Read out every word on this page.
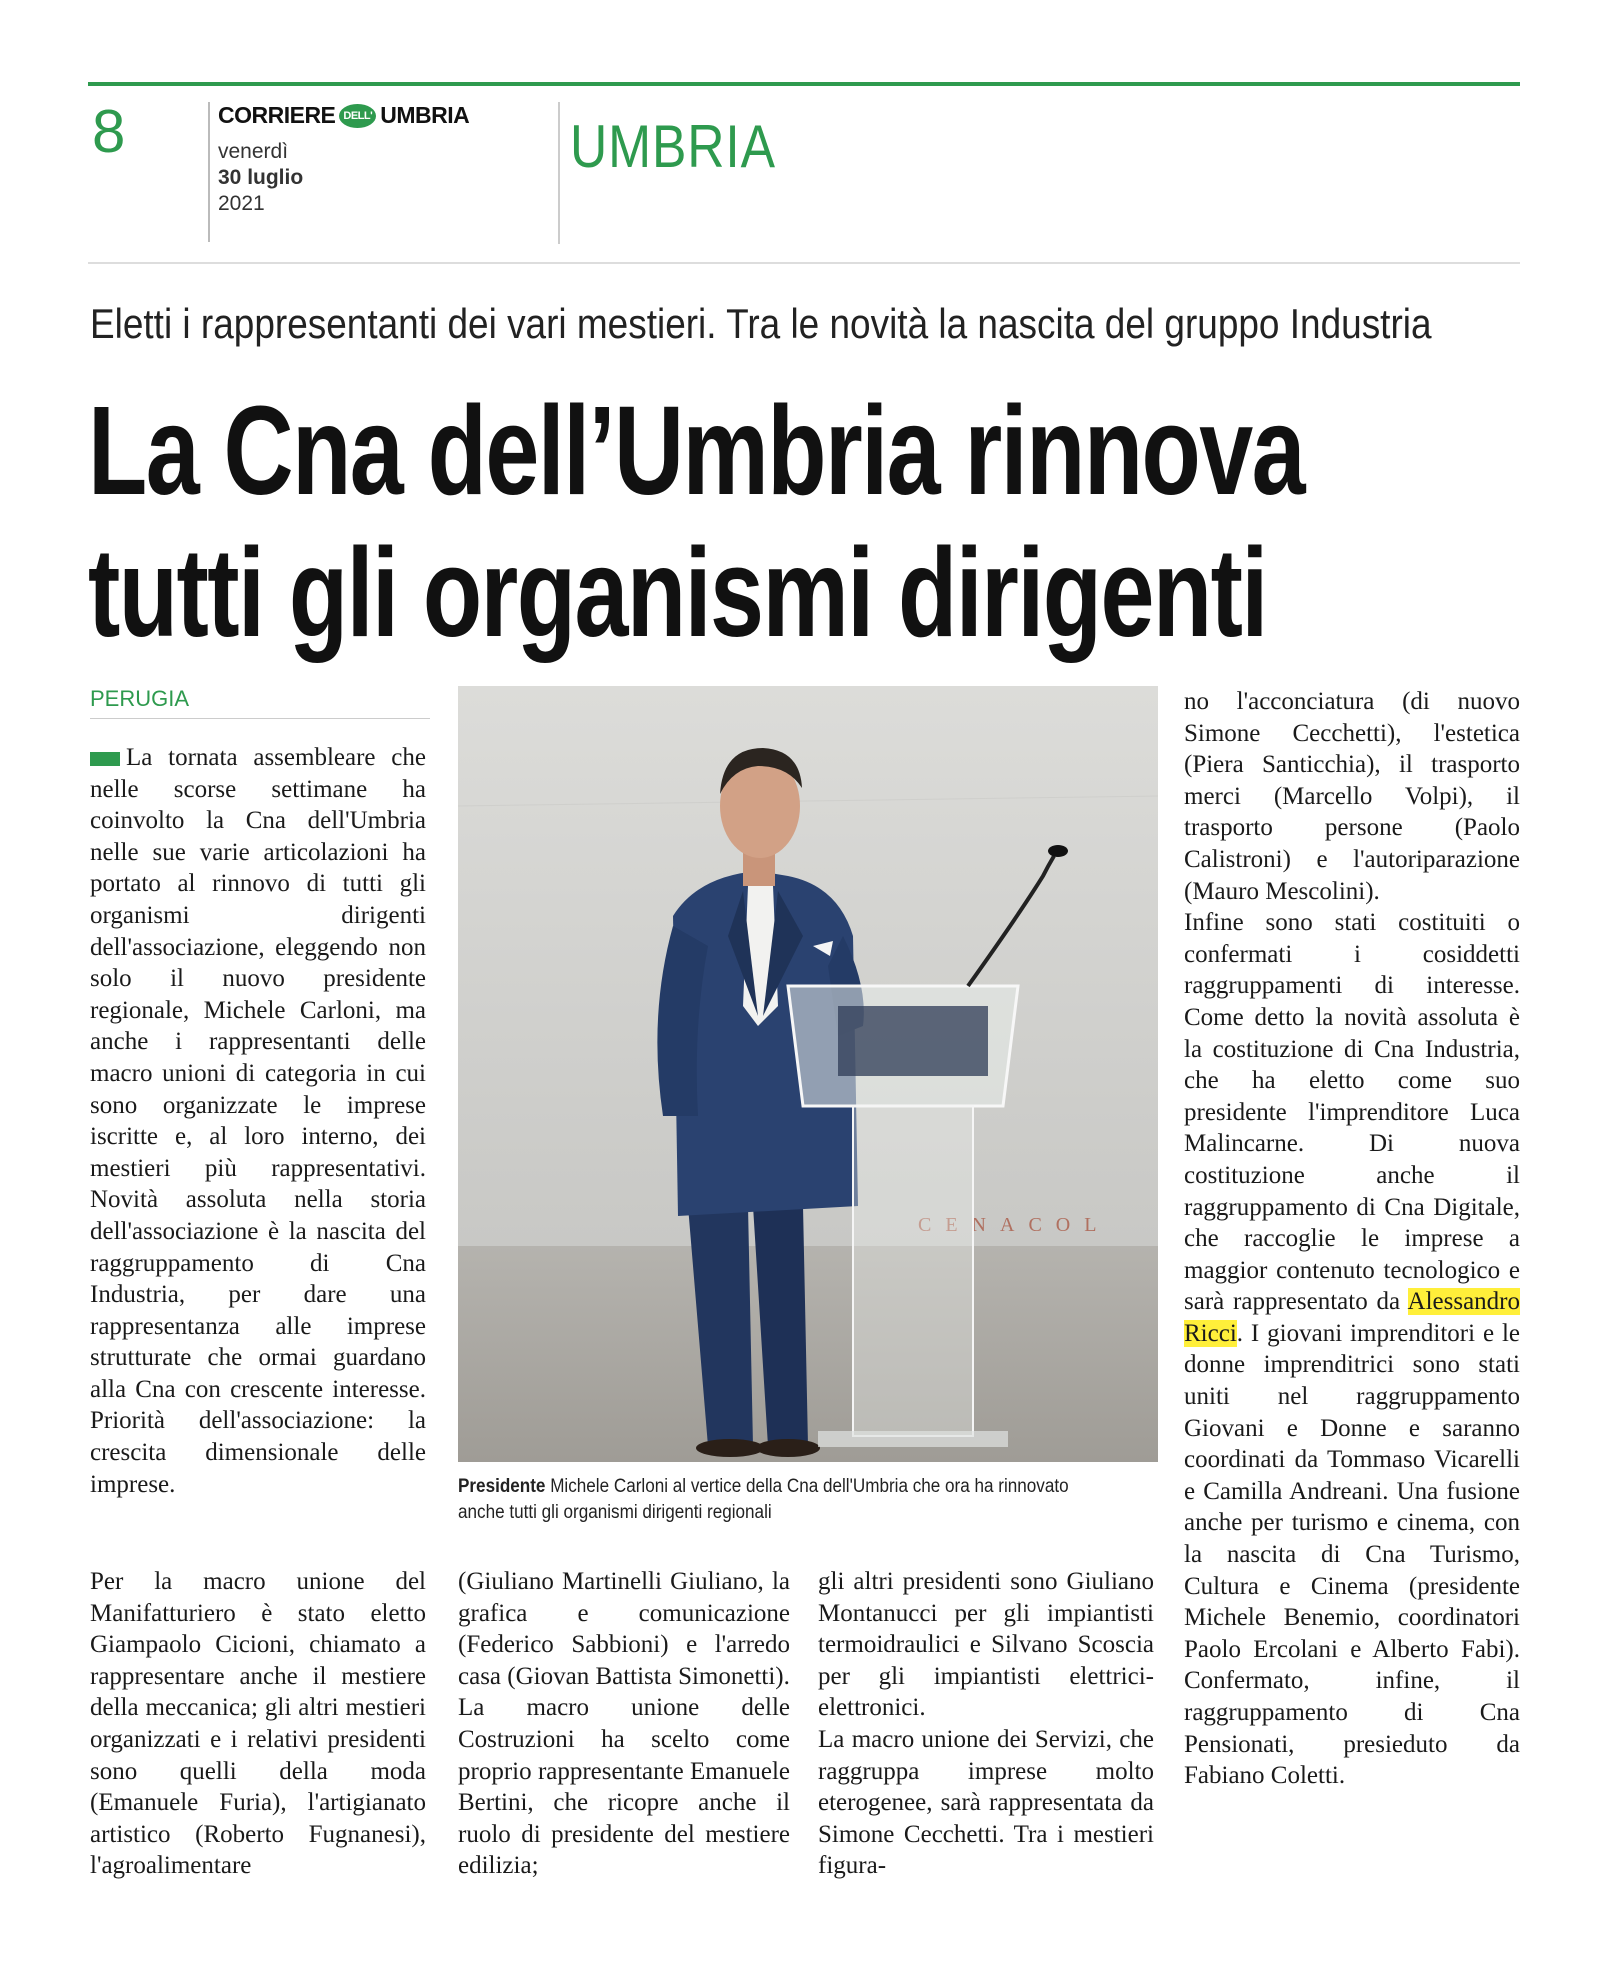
8	CORRIERE DELL' UMBRIA
venerdì
30 luglio
2021
UMBRIA
Eletti i rappresentanti dei vari mestieri. Tra le novità la nascita del gruppo Industria
La Cna dell’Umbria rinnova
tutti gli organismi dirigenti
PERUGIA

La tornata assembleare che nelle scorse settimane ha coinvolto la Cna dell'Umbria nelle sue varie articolazioni ha portato al rinnovo di tutti gli organismi dirigenti dell'associazione, eleggendo non solo il nuovo presidente regionale, Michele Carloni, ma anche i rappresentanti delle macro unioni di categoria in cui sono organizzate le imprese iscritte e, al loro interno, dei mestieri più rappresentativi. Novità assoluta nella storia dell'associazione è la nascita del raggruppamento di Cna Industria, per dare una rappresentanza alle imprese strutturate che ormai guardano alla Cna con crescente interesse. Priorità dell'associazione: la crescita dimensionale delle imprese.

Per la macro unione del Manifatturiero è stato eletto Giampaolo Cicioni, chiamato a rappresentare anche il mestiere della meccanica; gli altri mestieri organizzati e i relativi presidenti sono quelli della moda (Emanuele Furia), l'artigianato artistico (Roberto Fugnanesi), l'agroalimentare

CENACOL
Presidente Michele Carloni al vertice della Cna dell'Umbria che ora ha rinnovato anche tutti gli organismi dirigenti regionali

(Giuliano Martinelli Giuliano, la grafica e comunicazione (Federico Sabbioni) e l'arredo casa (Giovan Battista Simonetti).

La macro unione delle Costruzioni ha scelto come proprio rappresentante Emanuele Bertini, che ricopre anche il ruolo di presidente del mestiere edilizia;

gli altri presidenti sono Giuliano Montanucci per gli impiantisti termoidraulici e Silvano Scoscia per gli impiantisti elettrici-elettronici.

La macro unione dei Servizi, che raggruppa imprese molto eterogenee, sarà rappresentata da Simone Cecchetti. Tra i mestieri figura-

no l'acconciatura (di nuovo Simone Cecchetti), l'estetica (Piera Santicchia), il trasporto merci (Marcello Volpi), il trasporto persone (Paolo Calistroni) e l'autoriparazione (Mauro Mescolini).

Infine sono stati costituiti o confermati i cosiddetti raggruppamenti di interesse. Come detto la novità assoluta è la costituzione di Cna Industria, che ha eletto come suo presidente l'imprenditore Luca Malincarne. Di nuova costituzione anche il raggruppamento di Cna Digitale, che raccoglie le imprese a maggior contenuto tecnologico e sarà rappresentato da Alessandro Ricci. I giovani imprenditori e le donne imprenditrici sono stati uniti nel raggruppamento Giovani e Donne e saranno coordinati da Tommaso Vicarelli e Camilla Andreani. Una fusione anche per turismo e cinema, con la nascita di Cna Turismo, Cultura e Cinema (presidente Michele Benemio, coordinatori Paolo Ercolani e Alberto Fabi). Confermato, infine, il raggruppamento di Cna Pensionati, presieduto da Fabiano Coletti.
